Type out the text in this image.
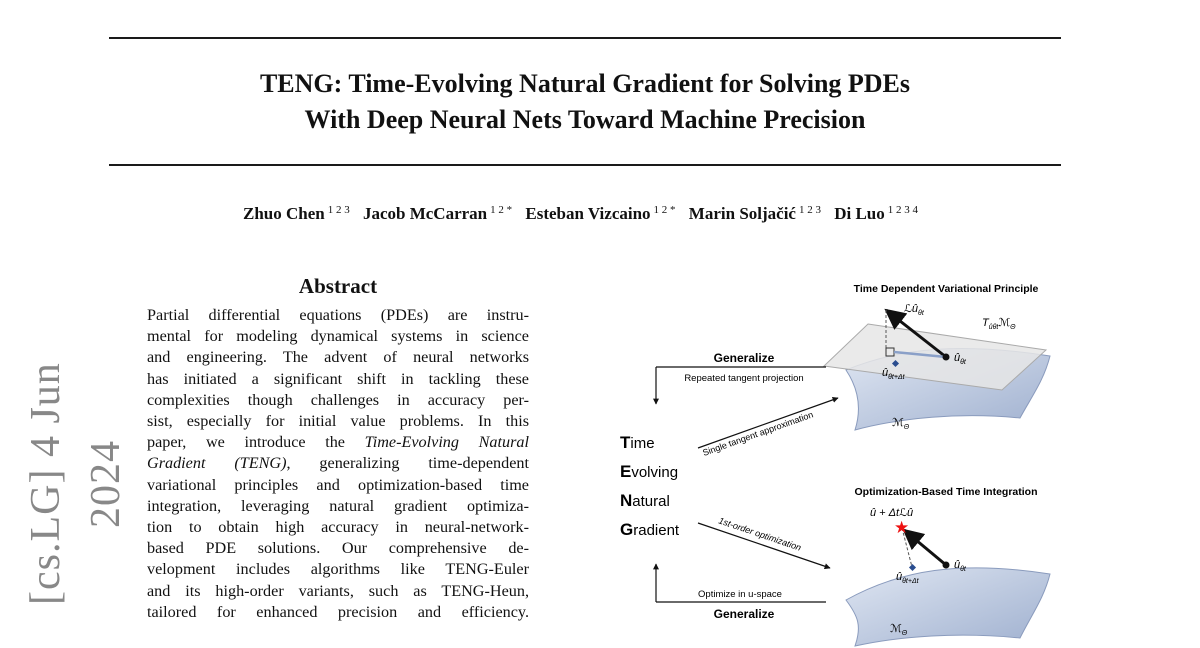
TENG: Time-Evolving Natural Gradient for Solving PDEs
With Deep Neural Nets Toward Machine Precision
Zhuo Chen $^{1 2 3}$ Jacob McCarran $^{1 2 *}$ Esteban Vizcaino $^{1 2 *}$ Marin Soljačić $^{1 2 3}$ Di Luo $^{1 2 3 4}$
[cs.LG] 4 Jun 2024
Abstract
Partial differential equations (PDEs) are instru-
mental for modeling dynamical systems in science
and engineering. The advent of neural networks
has initiated a significant shift in tackling these
complexities though challenges in accuracy per-
sist, especially for initial value problems. In this
paper, we introduce the Time-Evolving Natural
Gradient (TENG), generalizing time-dependent
variational principles and optimization-based time
integration, leveraging natural gradient optimiza-
tion to obtain high accuracy in neural-network-
based PDE solutions. Our comprehensive de-
velopment includes algorithms like TENG-Euler
and its high-order variants, such as TENG-Heun,
tailored for enhanced precision and efficiency.
Time Dependent Variational Principle
ℒû$_{\theta t}$
$û_{\theta t}$
$û_{\theta t+\Delta t}$
$T_{û\theta t}ℳ_\Theta$
ℳ$_\Theta$
Generalize
Repeated tangent projection
Time
Evolving
Natural
Gradient
Single tangent approximation
1st-order optimization
Optimization-Based Time Integration
★
û + Δtℒû
$û_{\theta t}$
$û_{\theta t+\Delta t}$
ℳ$_\Theta$
Optimize in u-space
Generalize
